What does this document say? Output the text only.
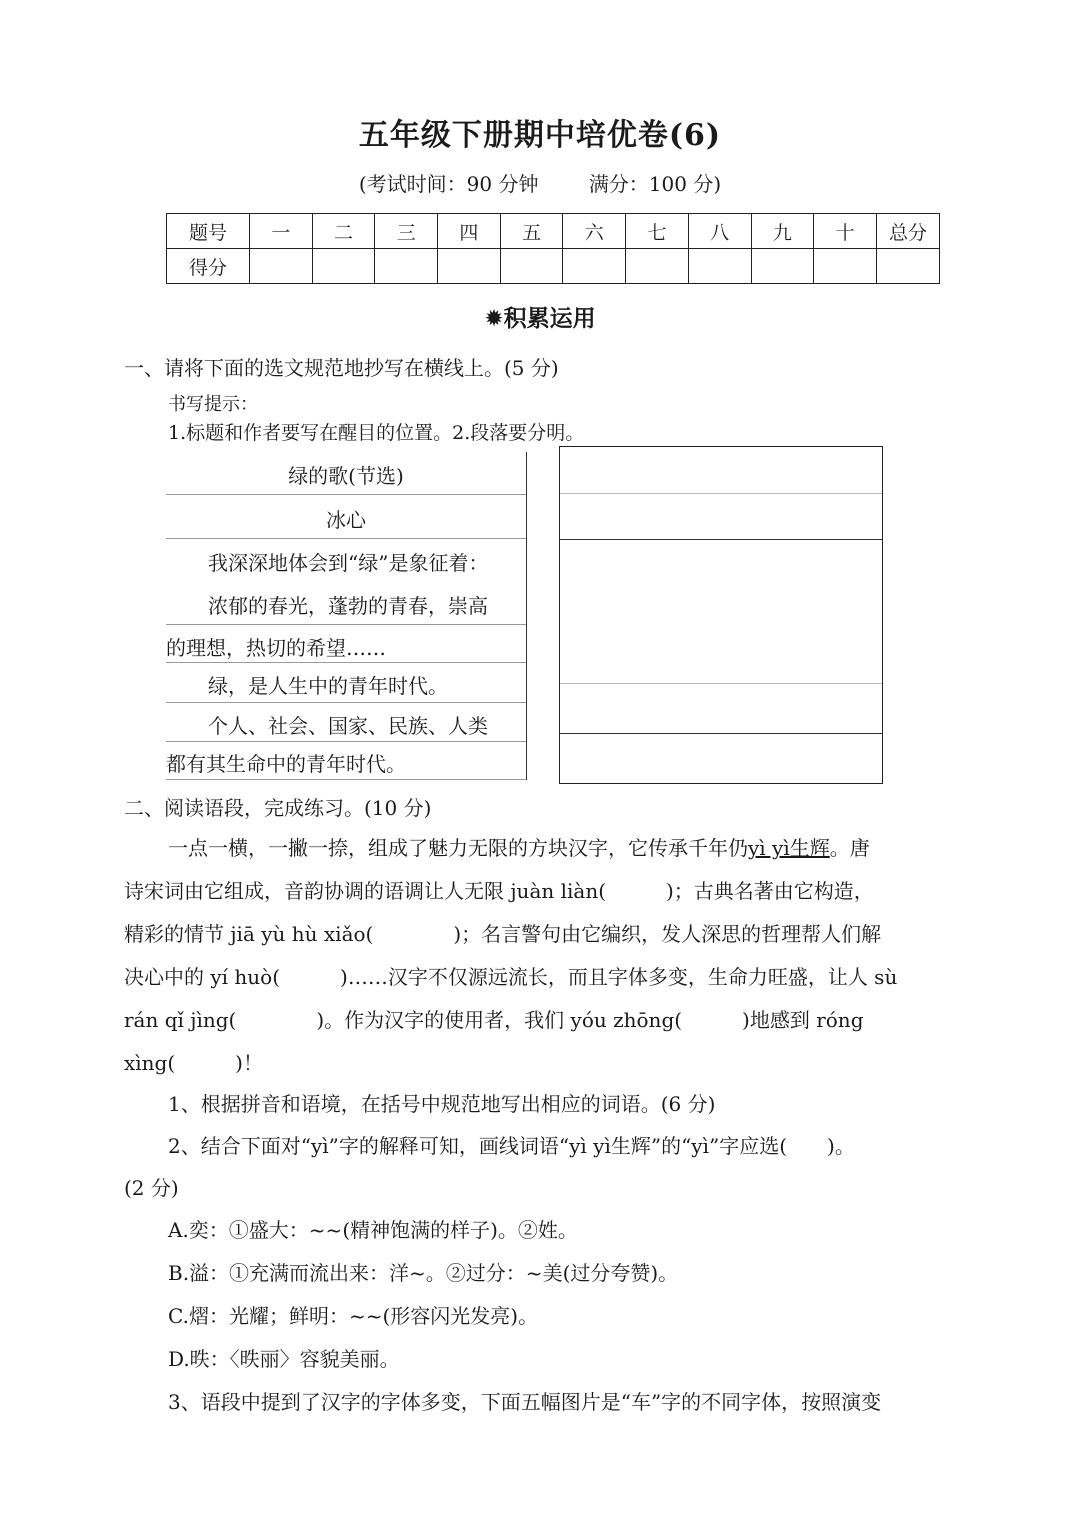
五年级下册期中培优卷(6)
(考试时间：90 分钟	满分：100 分)
题号	一	二	三	四	五	六	七	八	九	十	总分
得分											
✹积累运用
一、请将下面的选文规范地抄写在横线上。(5 分)
书写提示：
1.标题和作者要写在醒目的位置。2.段落要分明。
绿的歌(节选)
冰心
我深深地体会到“绿”是象征着：
浓郁的春光，蓬勃的青春，崇高
的理想，热切的希望……
绿，是人生中的青年时代。
个人、社会、国家、民族、人类
都有其生命中的青年时代。
二、阅读语段，完成练习。(10 分)
一点一横，一撇一捺，组成了魅力无限的方块汉字，它传承千年仍yì yì生辉。唐
诗宋词由它组成，音韵协调的语调让人无限 juàn liàn(　　　)；古典名著由它构造，
精彩的情节 jiā yù hù xiǎo(　　　　)；名言警句由它编织，发人深思的哲理帮人们解
决心中的 yí huò(　　　)……汉字不仅源远流长，而且字体多变，生命力旺盛，让人 sù
rán qǐ jìng(　　　　)。作为汉字的使用者，我们 yóu zhōng(　　　)地感到 róng
xìng(　　　)！
1、根据拼音和语境，在括号中规范地写出相应的词语。(6 分)
2、结合下面对“yì”字的解释可知，画线词语“yì yì生辉”的“yì”字应选(　　)。
(2 分)
A.奕：①盛大：~~(精神饱满的样子)。②姓。
B.溢：①充满而流出来：洋~。②过分：~美(过分夸赞)。
C.熠：光耀；鲜明：~~(形容闪光发亮)。
D.昳：〈昳丽〉容貌美丽。
3、语段中提到了汉字的字体多变，下面五幅图片是“车”字的不同字体，按照演变
